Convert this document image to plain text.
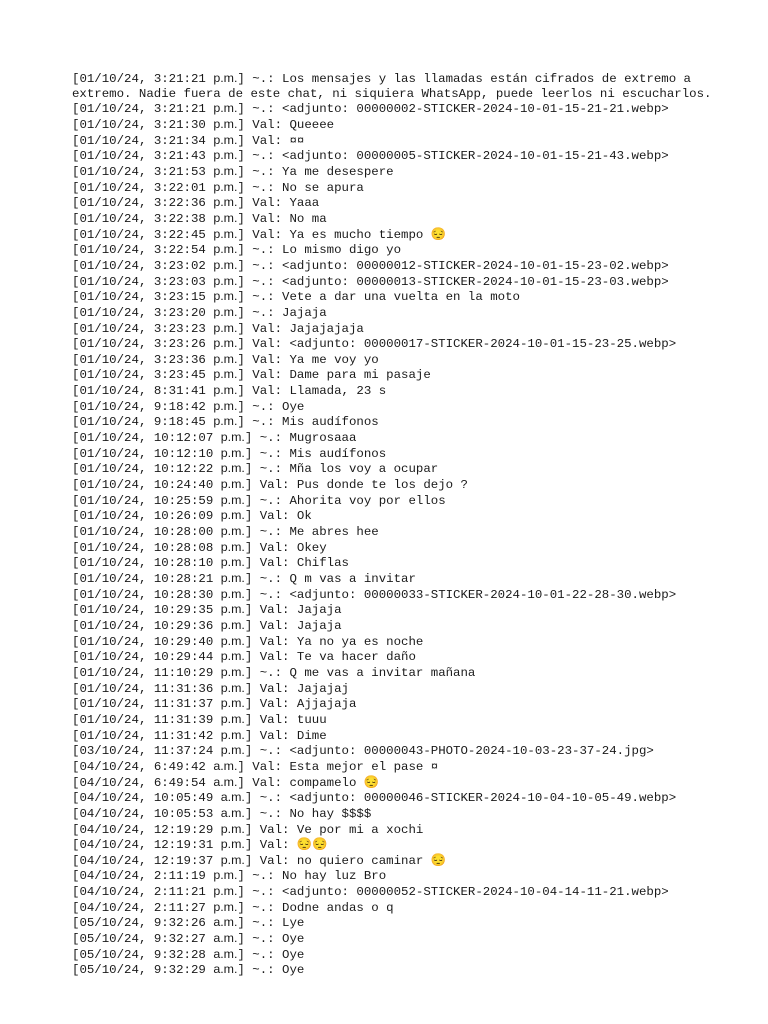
[01/10/24, 3:21:21 p.m.] ~.: Los mensajes y las llamadas están cifrados de extremo a extremo. Nadie fuera de este chat, ni siquiera WhatsApp, puede leerlos ni escucharlos.
[01/10/24, 3:21:21 p.m.] ~.: <adjunto: 00000002-STICKER-2024-10-01-15-21-21.webp>
[01/10/24, 3:21:30 p.m.] Val: Queeee
[01/10/24, 3:21:34 p.m.] Val: ¤¤
[01/10/24, 3:21:43 p.m.] ~.: <adjunto: 00000005-STICKER-2024-10-01-15-21-43.webp>
[01/10/24, 3:21:53 p.m.] ~.: Ya me desespere
[01/10/24, 3:22:01 p.m.] ~.: No se apura
[01/10/24, 3:22:36 p.m.] Val: Yaaa
[01/10/24, 3:22:38 p.m.] Val: No ma
[01/10/24, 3:22:45 p.m.] Val: Ya es mucho tiempo 😔
[01/10/24, 3:22:54 p.m.] ~.: Lo mismo digo yo
[01/10/24, 3:23:02 p.m.] ~.: <adjunto: 00000012-STICKER-2024-10-01-15-23-02.webp>
[01/10/24, 3:23:03 p.m.] ~.: <adjunto: 00000013-STICKER-2024-10-01-15-23-03.webp>
[01/10/24, 3:23:15 p.m.] ~.: Vete a dar una vuelta en la moto
[01/10/24, 3:23:20 p.m.] ~.: Jajaja
[01/10/24, 3:23:23 p.m.] Val: Jajajajaja
[01/10/24, 3:23:26 p.m.] Val: <adjunto: 00000017-STICKER-2024-10-01-15-23-25.webp>
[01/10/24, 3:23:36 p.m.] Val: Ya me voy yo
[01/10/24, 3:23:45 p.m.] Val: Dame para mi pasaje
[01/10/24, 8:31:41 p.m.] Val: Llamada, 23 s
[01/10/24, 9:18:42 p.m.] ~.: Oye
[01/10/24, 9:18:45 p.m.] ~.: Mis audífonos
[01/10/24, 10:12:07 p.m.] ~.: Mugrosaaa
[01/10/24, 10:12:10 p.m.] ~.: Mis audífonos
[01/10/24, 10:12:22 p.m.] ~.: Mña los voy a ocupar
[01/10/24, 10:24:40 p.m.] Val: Pus donde te los dejo ?
[01/10/24, 10:25:59 p.m.] ~.: Ahorita voy por ellos
[01/10/24, 10:26:09 p.m.] Val: Ok
[01/10/24, 10:28:00 p.m.] ~.: Me abres hee
[01/10/24, 10:28:08 p.m.] Val: Okey
[01/10/24, 10:28:10 p.m.] Val: Chiflas
[01/10/24, 10:28:21 p.m.] ~.: Q m vas a invitar
[01/10/24, 10:28:30 p.m.] ~.: <adjunto: 00000033-STICKER-2024-10-01-22-28-30.webp>
[01/10/24, 10:29:35 p.m.] Val: Jajaja
[01/10/24, 10:29:36 p.m.] Val: Jajaja
[01/10/24, 10:29:40 p.m.] Val: Ya no ya es noche
[01/10/24, 10:29:44 p.m.] Val: Te va hacer daño
[01/10/24, 11:10:29 p.m.] ~.: Q me vas a invitar mañana
[01/10/24, 11:31:36 p.m.] Val: Jajajaj
[01/10/24, 11:31:37 p.m.] Val: Ajjajaja
[01/10/24, 11:31:39 p.m.] Val: tuuu
[01/10/24, 11:31:42 p.m.] Val: Dime
[03/10/24, 11:37:24 p.m.] ~.: <adjunto: 00000043-PHOTO-2024-10-03-23-37-24.jpg>
[04/10/24, 6:49:42 a.m.] Val: Esta mejor el pase ¤
[04/10/24, 6:49:54 a.m.] Val: compamelo 😔
[04/10/24, 10:05:49 a.m.] ~.: <adjunto: 00000046-STICKER-2024-10-04-10-05-49.webp>
[04/10/24, 10:05:53 a.m.] ~.: No hay $$$$
[04/10/24, 12:19:29 p.m.] Val: Ve por mi a xochi
[04/10/24, 12:19:31 p.m.] Val: 😔😔
[04/10/24, 12:19:37 p.m.] Val: no quiero caminar 😔
[04/10/24, 2:11:19 p.m.] ~.: No hay luz Bro
[04/10/24, 2:11:21 p.m.] ~.: <adjunto: 00000052-STICKER-2024-10-04-14-11-21.webp>
[04/10/24, 2:11:27 p.m.] ~.: Dodne andas o q
[05/10/24, 9:32:26 a.m.] ~.: Lye
[05/10/24, 9:32:27 a.m.] ~.: Oye
[05/10/24, 9:32:28 a.m.] ~.: Oye
[05/10/24, 9:32:29 a.m.] ~.: Oye
